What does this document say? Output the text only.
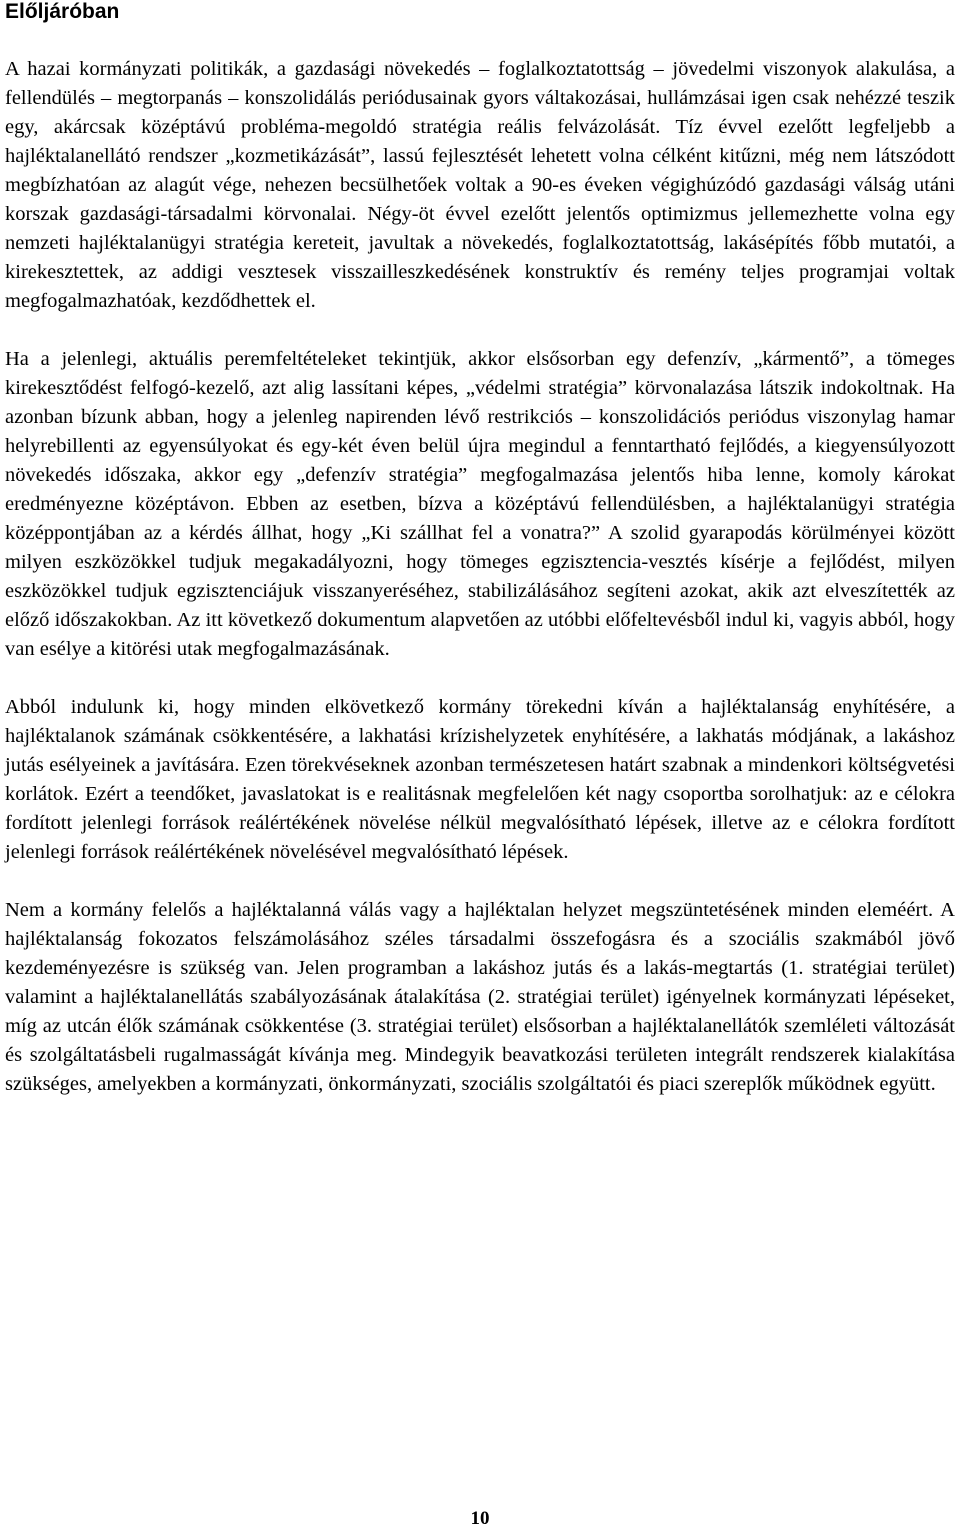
Előljáróban

A hazai kormányzati politikák, a gazdasági növekedés – foglalkoztatottság – jövedelmi viszonyok alakulása, a fellendülés – megtorpanás – konszolidálás periódusainak gyors váltakozásai, hullámzásai igen csak nehézzé teszik egy, akárcsak középtávú probléma-megoldó stratégia reális felvázolását. Tíz évvel ezelőtt legfeljebb a hajléktalanellátó rendszer „kozmetikázását”, lassú fejlesztését lehetett volna célként kitűzni, még nem látszódott megbízhatóan az alagút vége, nehezen becsülhetőek voltak a 90-es éveken végighúzódó gazdasági válság utáni korszak gazdasági-társadalmi körvonalai. Négy-öt évvel ezelőtt jelentős optimizmus jellemezhette volna egy nemzeti hajléktalanügyi stratégia kereteit, javultak a növekedés, foglalkoztatottság, lakásépítés főbb mutatói, a kirekesztettek, az addigi vesztesek visszailleszkedésének konstruktív és remény teljes programjai voltak megfogalmazhatóak, kezdődhettek el.

Ha a jelenlegi, aktuális peremfeltételeket tekintjük, akkor elsősorban egy defenzív, „kármentő”, a tömeges kirekesztődést felfogó-kezelő, azt alig lassítani képes, „védelmi stratégia” körvonalazása látszik indokoltnak. Ha azonban bízunk abban, hogy a jelenleg napirenden lévő restrikciós – konszolidációs periódus viszonylag hamar helyrebillenti az egyensúlyokat és egy-két éven belül újra megindul a fenntartható fejlődés, a kiegyensúlyozott növekedés időszaka, akkor egy „defenzív stratégia” megfogalmazása jelentős hiba lenne, komoly károkat eredményezne középtávon. Ebben az esetben, bízva a középtávú fellendülésben, a hajléktalanügyi stratégia középpontjában az a kérdés állhat, hogy „Ki szállhat fel a vonatra?” A szolid gyarapodás körülményei között milyen eszközökkel tudjuk megakadályozni, hogy tömeges egzisztencia-vesztés kísérje a fejlődést, milyen eszközökkel tudjuk egzisztenciájuk visszanyeréséhez, stabilizálásához segíteni azokat, akik azt elveszítették az előző időszakokban. Az itt következő dokumentum alapvetően az utóbbi előfeltevésből indul ki, vagyis abból, hogy van esélye a kitörési utak megfogalmazásának.

Abból indulunk ki, hogy minden elkövetkező kormány törekedni kíván a hajléktalanság enyhítésére, a hajléktalanok számának csökkentésére, a lakhatási krízishelyzetek enyhítésére, a lakhatás módjának, a lakáshoz jutás esélyeinek a javítására. Ezen törekvéseknek azonban természetesen határt szabnak a mindenkori költségvetési korlátok. Ezért a teendőket, javaslatokat is e realitásnak megfelelően két nagy csoportba sorolhatjuk: az e célokra fordított jelenlegi források reálértékének növelése nélkül megvalósítható lépések, illetve az e célokra fordított jelenlegi források reálértékének növelésével megvalósítható lépések.

Nem a kormány felelős a hajléktalanná válás vagy a hajléktalan helyzet megszüntetésének minden eleméért. A hajléktalanság fokozatos felszámolásához széles társadalmi összefogásra és a szociális szakmából jövő kezdeményezésre is szükség van. Jelen programban a lakáshoz jutás és a lakás-megtartás (1. stratégiai terület) valamint a hajléktalanellátás szabályozásának átalakítása (2. stratégiai terület) igényelnek kormányzati lépéseket, míg az utcán élők számának csökkentése (3. stratégiai terület) elsősorban a hajléktalanellátók szemléleti változását és szolgáltatásbeli rugalmasságát kívánja meg. Mindegyik beavatkozási területen integrált rendszerek kialakítása szükséges, amelyekben a kormányzati, önkormányzati, szociális szolgáltatói és piaci szereplők működnek együtt.

10
